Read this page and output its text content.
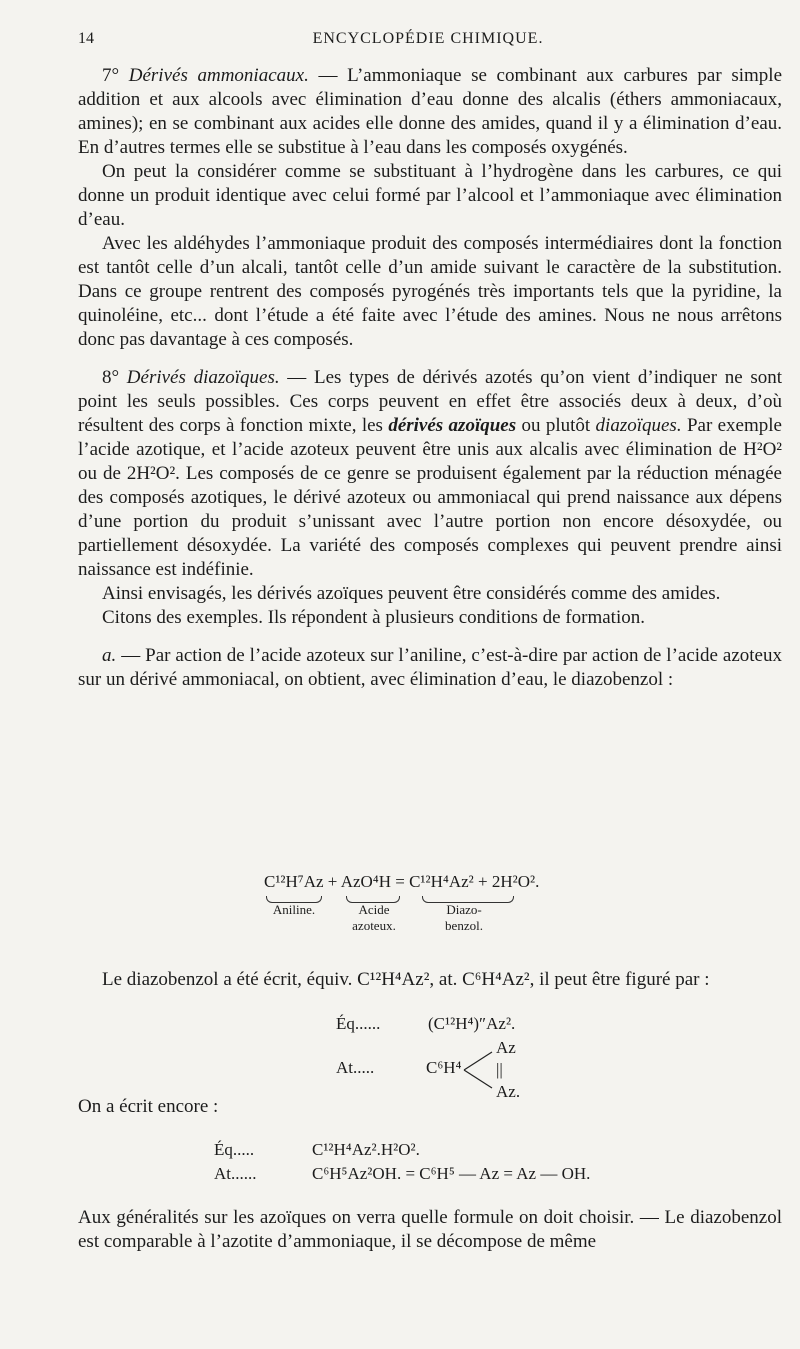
14	ENCYCLOPÉDIE CHIMIQUE.

7° Dérivés ammoniacaux. — L’ammoniaque se combinant aux carbures par simple addition et aux alcools avec élimination d’eau donne des alcalis (éthers ammoniacaux, amines); en se combinant aux acides elle donne des amides, quand il y a élimination d’eau. En d’autres termes elle se substitue à l’eau dans les composés oxygénés.

On peut la considérer comme se substituant à l’hydrogène dans les carbures, ce qui donne un produit identique avec celui formé par l’alcool et l’ammoniaque avec élimination d’eau.

Avec les aldéhydes l’ammoniaque produit des composés intermédiaires dont la fonction est tantôt celle d’un alcali, tantôt celle d’un amide suivant le caractère de la substitution. Dans ce groupe rentrent des composés pyrogénés très importants tels que la pyridine, la quinoléine, etc... dont l’étude a été faite avec l’étude des amines. Nous ne nous arrêtons donc pas davantage à ces composés.

8° Dérivés diazoïques. — Les types de dérivés azotés qu’on vient d’indiquer ne sont point les seuls possibles. Ces corps peuvent en effet être associés deux à deux, d’où résultent des corps à fonction mixte, les dérivés azoïques ou plutôt diazoïques. Par exemple l’acide azotique, et l’acide azoteux peuvent être unis aux alcalis avec élimination de H²O² ou de 2H²O². Les composés de ce genre se produisent également par la réduction ménagée des composés azotiques, le dérivé azoteux ou ammoniacal qui prend naissance aux dépens d’une portion du produit s’unissant avec l’autre portion non encore désoxydée, ou partiellement désoxydée. La variété des composés complexes qui peuvent prendre ainsi naissance est indéfinie.

Ainsi envisagés, les dérivés azoïques peuvent être considérés comme des amides.

Citons des exemples. Ils répondent à plusieurs conditions de formation.

a. — Par action de l’acide azoteux sur l’aniline, c’est-à-dire par action de l’acide azoteux sur un dérivé ammoniacal, on obtient, avec élimination d’eau, le diazobenzol :

C¹²H⁷Az + AzO⁴H = C¹²H⁴Az² + 2H²O².
Aniline.	Acide azoteux.
Diazo- benzol.

Le diazobenzol a été écrit, équiv. C¹²H⁴Az², at. C⁶H⁴Az², il peut être figuré par :

Éq......	(C¹²H⁴)″Az².
At.....	C⁶H⁴
Az
||
Az.
On a écrit encore :
Éq.....	C¹²H⁴Az².H²O².
At......	C⁶H⁵Az²OH. = C⁶H⁵ — Az = Az — OH.
Aux généralités sur les azoïques on verra quelle formule on doit choisir. — Le diazobenzol est comparable à l’azotite d’ammoniaque, il se décompose de même
